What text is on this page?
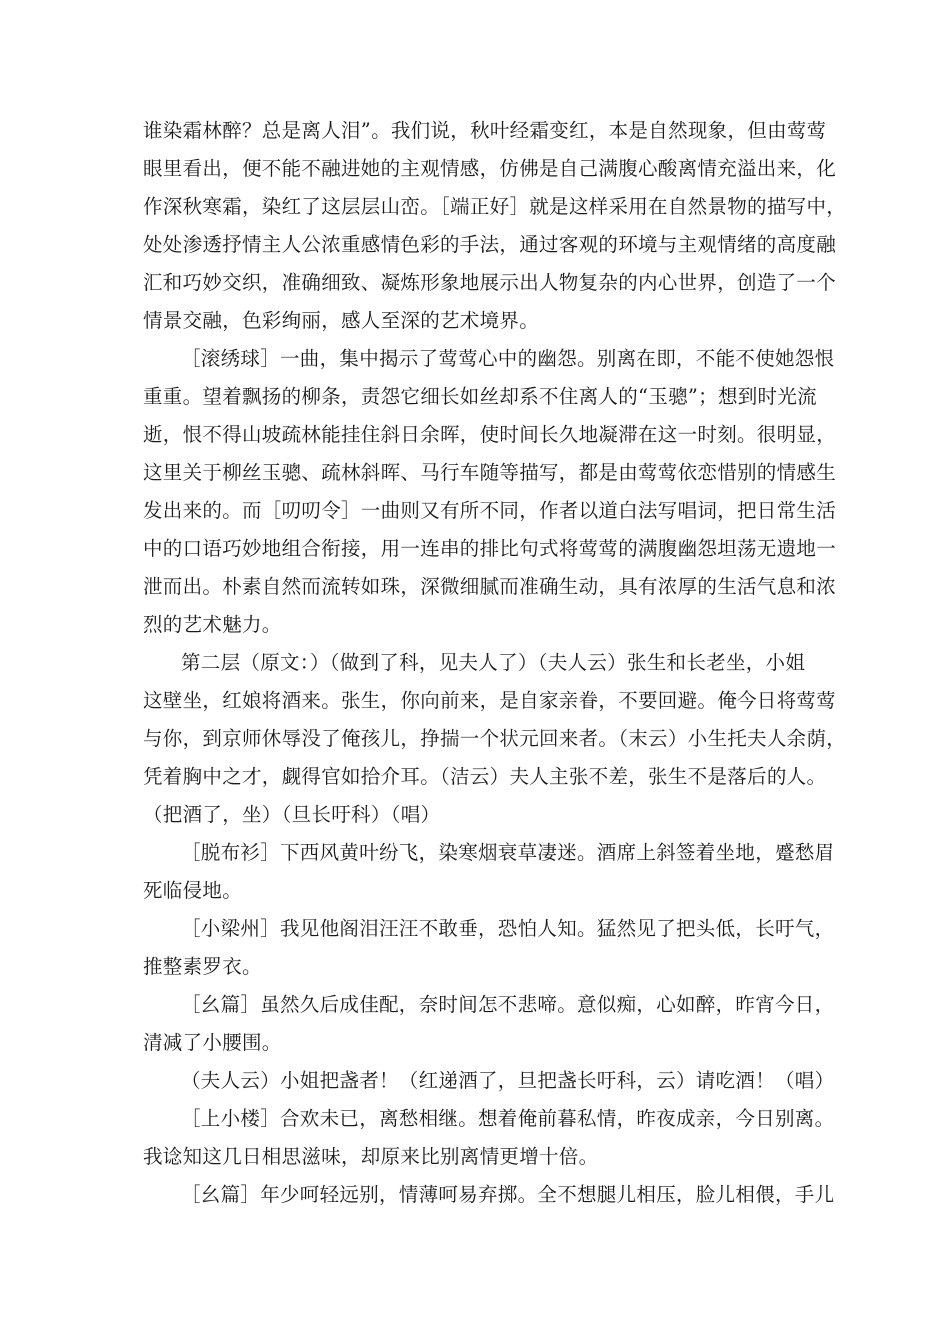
谁染霜林醉？总是离人泪”。我们说，秋叶经霜变红，本是自然现象，但由莺莺
眼里看出，便不能不融进她的主观情感，仿佛是自己满腹心酸离情充溢出来，化
作深秋寒霜，染红了这层层山峦。［端正好］就是这样采用在自然景物的描写中，
处处渗透抒情主人公浓重感情色彩的手法，通过客观的环境与主观情绪的高度融
汇和巧妙交织，准确细致、凝炼形象地展示出人物复杂的内心世界，创造了一个
情景交融，色彩绚丽，感人至深的艺术境界。
［滚绣球］一曲，集中揭示了莺莺心中的幽怨。别离在即，不能不使她怨恨
重重。望着飘扬的柳条，责怨它细长如丝却系不住离人的“玉骢”；想到时光流
逝，恨不得山坡疏林能挂住斜日余晖，使时间长久地凝滞在这一时刻。很明显，
这里关于柳丝玉骢、疏林斜晖、马行车随等描写，都是由莺莺依恋惜别的情感生
发出来的。而［叨叨令］一曲则又有所不同，作者以道白法写唱词，把日常生活
中的口语巧妙地组合衔接，用一连串的排比句式将莺莺的满腹幽怨坦荡无遗地一
泄而出。朴素自然而流转如珠，深微细腻而准确生动，具有浓厚的生活气息和浓
烈的艺术魅力。
第二层（原文：）（做到了科，见夫人了）（夫人云）张生和长老坐，小姐
这壁坐，红娘将酒来。张生，你向前来，是自家亲眷，不要回避。俺今日将莺莺
与你，到京师休辱没了俺孩儿，挣揣一个状元回来者。（末云）小生托夫人余荫，
凭着胸中之才，觑得官如拾介耳。（洁云）夫人主张不差，张生不是落后的人。
（把酒了，坐）（旦长吁科）（唱）
［脱布衫］下西风黄叶纷飞，染寒烟衰草凄迷。酒席上斜签着坐地，蹙愁眉
死临侵地。
［小梁州］我见他阁泪汪汪不敢垂，恐怕人知。猛然见了把头低，长吁气，
推整素罗衣。
［幺篇］虽然久后成佳配，奈时间怎不悲啼。意似痴，心如醉，昨宵今日，
清减了小腰围。
（夫人云）小姐把盏者！（红递酒了，旦把盏长吁科，云）请吃酒！（唱）
［上小楼］合欢未已，离愁相继。想着俺前暮私情，昨夜成亲，今日别离。
我谂知这几日相思滋味，却原来比别离情更增十倍。
［幺篇］年少呵轻远别，情薄呵易弃掷。全不想腿儿相压，脸儿相偎，手儿
